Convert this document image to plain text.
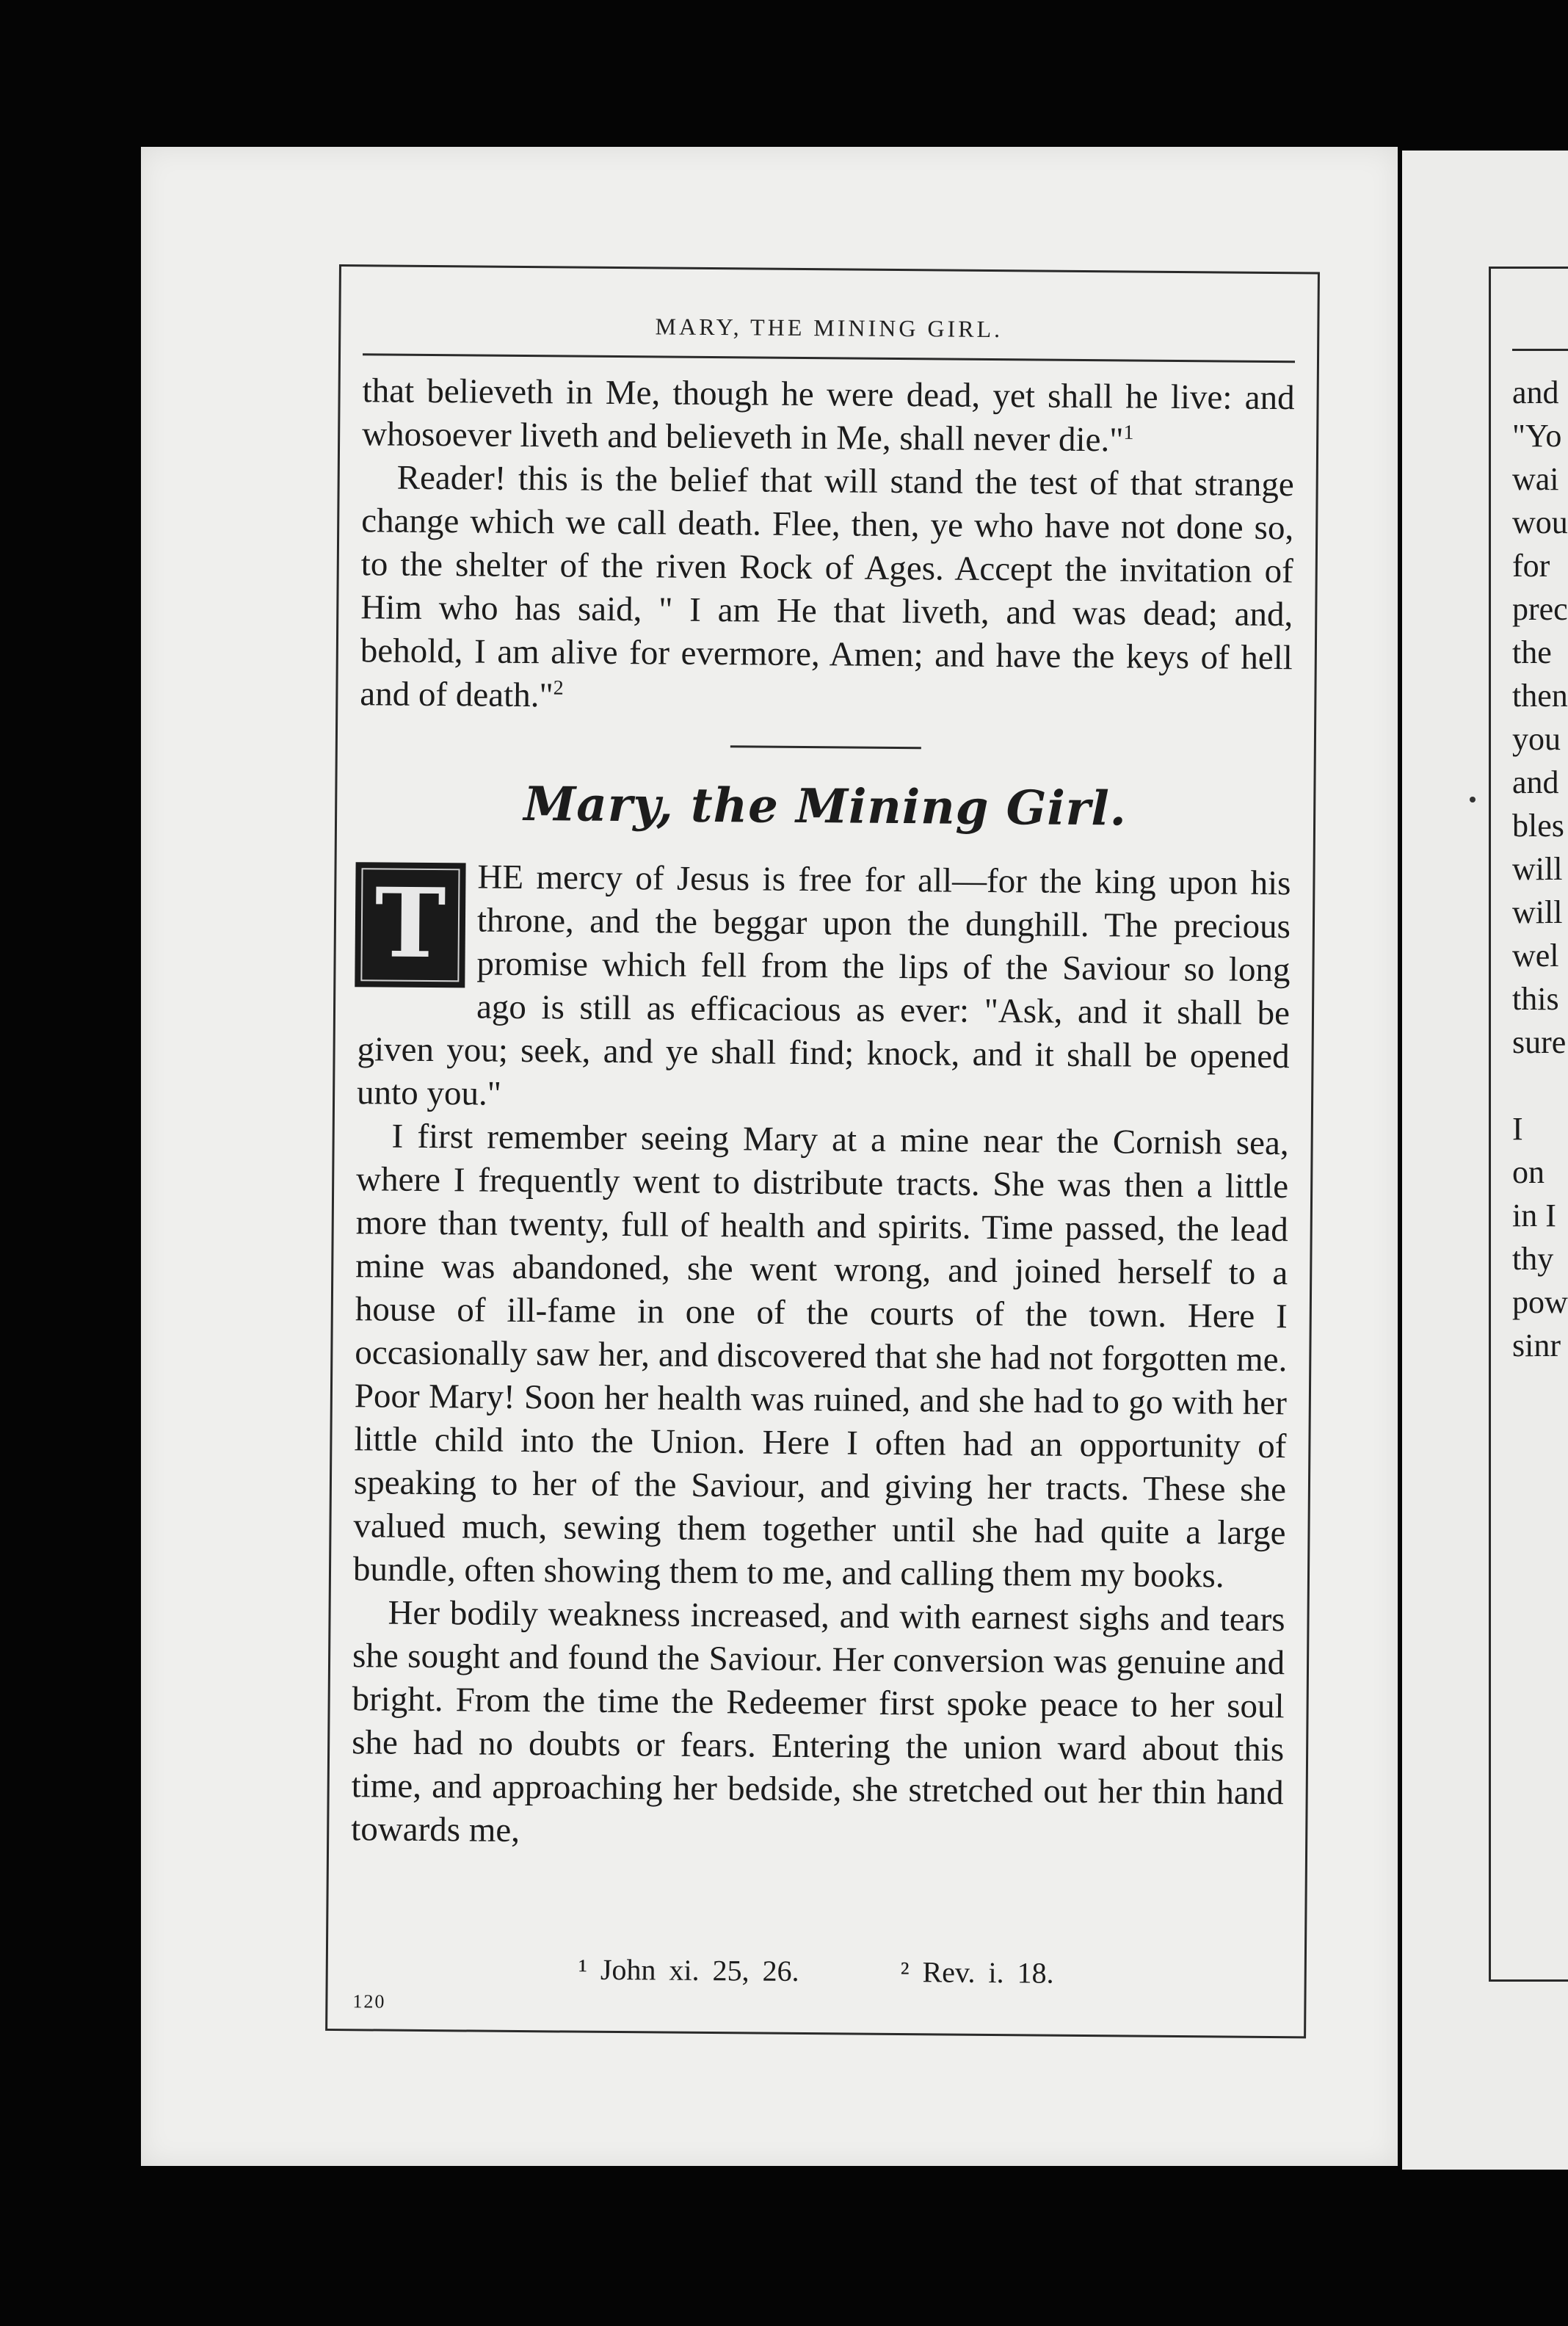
MARY, THE MINING GIRL.

that believeth in Me, though he were dead, yet shall he live: and whosoever liveth and believeth in Me, shall never die."$^1$

Reader! this is the belief that will stand the test of that strange change which we call death. Flee, then, ye who have not done so, to the shelter of the riven Rock of Ages. Accept the invitation of Him who has said, " I am He that liveth, and was dead; and, behold, I am alive for evermore, Amen; and have the keys of hell and of death."$^2$

Mary, the Mining Girl.

T HE mercy of Jesus is free for all—for the king upon his throne, and the beggar upon the dunghill. The precious promise which fell from the lips of the Saviour so long ago is still as efficacious as ever: "Ask, and it shall be given you; seek, and ye shall find; knock, and it shall be opened unto you."

I first remember seeing Mary at a mine near the Cornish sea, where I frequently went to distribute tracts. She was then a little more than twenty, full of health and spirits. Time passed, the lead mine was abandoned, she went wrong, and joined herself to a house of ill-fame in one of the courts of the town. Here I occasionally saw her, and discovered that she had not forgotten me. Poor Mary! Soon her health was ruined, and she had to go with her little child into the Union. Here I often had an opportunity of speaking to her of the Saviour, and giving her tracts. These she valued much, sewing them together until she had quite a large bundle, often showing them to me, and calling them my books.

Her bodily weakness increased, and with earnest sighs and tears she sought and found the Saviour. Her conversion was genuine and bright. From the time the Redeemer first spoke peace to her soul she had no doubts or fears. Entering the union ward about this time, and approaching her bedside, she stretched out her thin hand towards me,

¹ John xi. 25, 26.	² Rev. i. 18.
120
and
"Yo
wai
wou
for
prec
the
then
you
and
bles
will
will
wel
this
sure
I
on
in I
thy
pow
sinr
